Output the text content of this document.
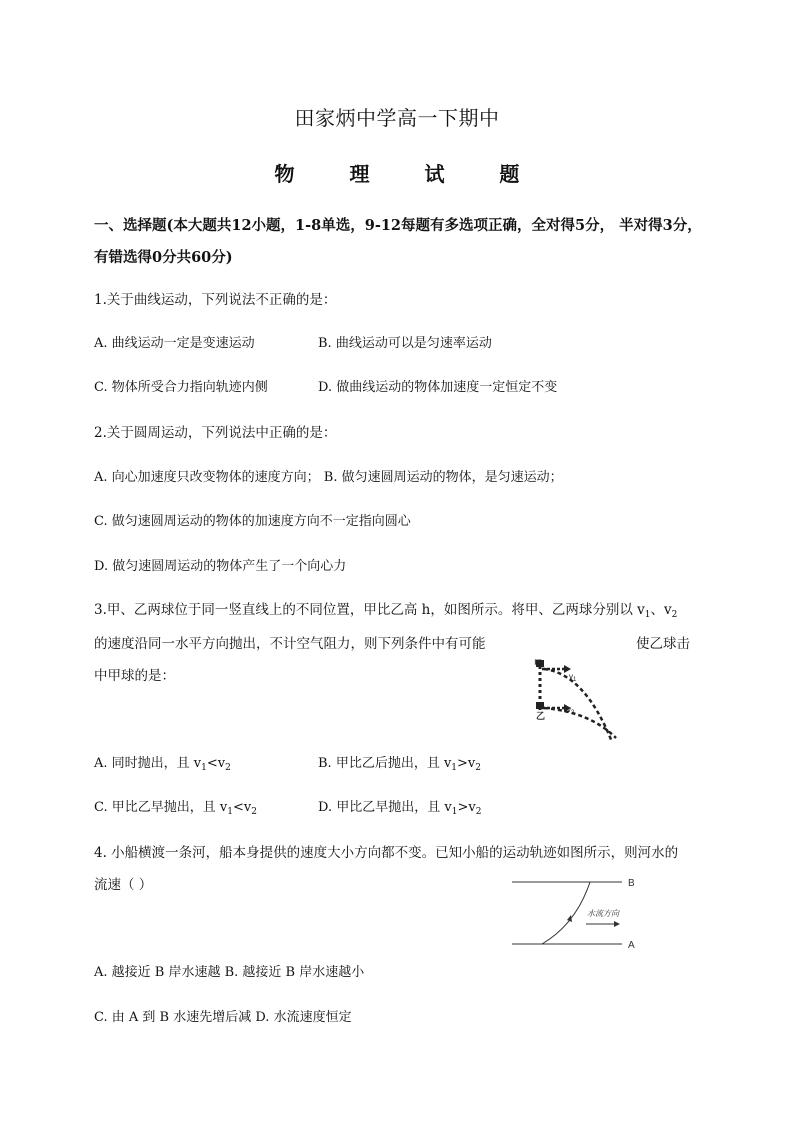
田家炳中学高一下期中
物 理 试 题
一、选择题(本大题共12小题，1-8单选，9-12每题有多选项正确，全对得5分， 半对得3分，有错选得0分共60分)
1.关于曲线运动，下列说法不正确的是：
A. 曲线运动一定是变速运动	B. 曲线运动可以是匀速率运动
C. 物体所受合力指向轨迹内侧	D. 做曲线运动的物体加速度一定恒定不变
2.关于圆周运动，下列说法中正确的是：
A. 向心加速度只改变物体的速度方向； B. 做匀速圆周运动的物体，是匀速运动；
C. 做匀速圆周运动的物体的加速度方向不一定指向圆心
D. 做匀速圆周运动的物体产生了一个向心力
3.甲、乙两球位于同一竖直线上的不同位置，甲比乙高 h，如图所示。将甲、乙两球分别以 $v_1$、$v_2$
的速度沿同一水平方向抛出，不计空气阻力，则下列条件中有可能	使乙球击
中甲球的是：
甲
乙
$v_1$
$v_2$
A. 同时抛出，且 $v_1<v_2$	B. 甲比乙后抛出，且 $v_1>v_2$
C. 甲比乙早抛出，且 $v_1<v_2$	D. 甲比乙早抛出，且 $v_1>v_2$
4. 小船横渡一条河，船本身提供的速度大小方向都不变。已知小船的运动轨迹如图所示，则河水的
流速（ ）
水流方向
B
A
A. 越接近 B 岸水速越 B. 越接近 B 岸水速越小
C. 由 A 到 B 水速先增后减 D. 水流速度恒定
